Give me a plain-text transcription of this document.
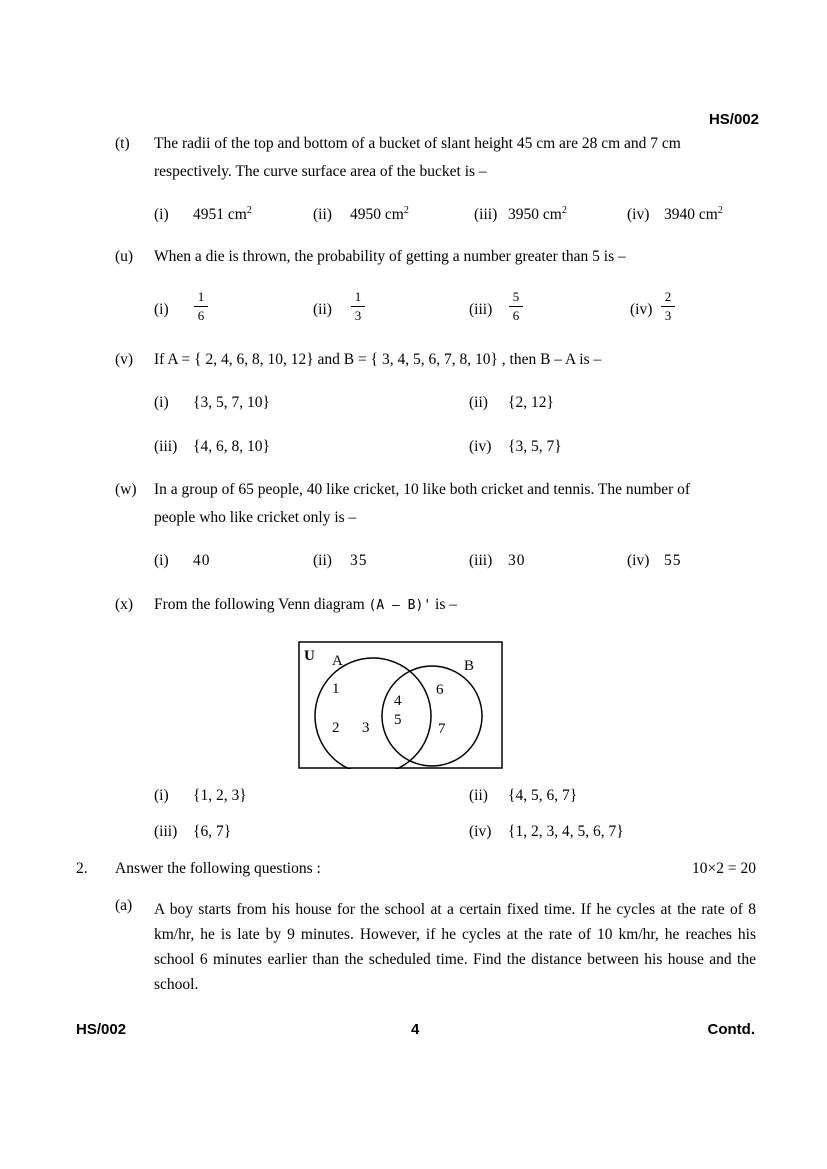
HS/002
(t) The radii of the top and bottom of a bucket of slant height 45 cm are 28 cm and 7 cm
respectively. The curve surface area of the bucket is –
(i) 4951 $cm^2$	(ii) 4950 $cm^2$	(iii) 3950 $cm^2$	(iv) 3940 $cm^2$
(u) When a die is thrown, the probability of getting a number greater than 5 is –
$(i) \frac{1}{6}$	$(ii) \frac{1}{3}$	$(iii) \frac{5}{6}$	$(iv) \frac{2}{3}$
(v) If A = { 2, 4, 6, 8, 10, 12} and B = { 3, 4, 5, 6, 7, 8, 10} , then B – A is –
(i) {3, 5, 7, 10}	(ii) {2, 12}
(iii) {4, 6, 8, 10}	(iv) {3, 5, 7}
(w) In a group of 65 people, 40 like cricket, 10 like both cricket and tennis. The number of
people who like cricket only is –
(i) 40	(ii) 35	(iii) 30	(iv) 55
(x) From the following Venn diagram (A – B)' is –
U A	B
1
2 3
4
5
6
7
(i) {1, 2, 3}	(ii) {4, 5, 6, 7}
(iii) {6, 7}	(iv) {1, 2, 3, 4, 5, 6, 7}
2. Answer the following questions :	10×2 = 20
(a) A boy starts from his house for the school at a certain fixed time. If he cycles at the rate of 8 km/hr, he is late by 9 minutes. However, if he cycles at the rate of 10 km/hr, he reaches his school 6 minutes earlier than the scheduled time. Find the distance between his house and the school.
HS/002	4	Contd.
